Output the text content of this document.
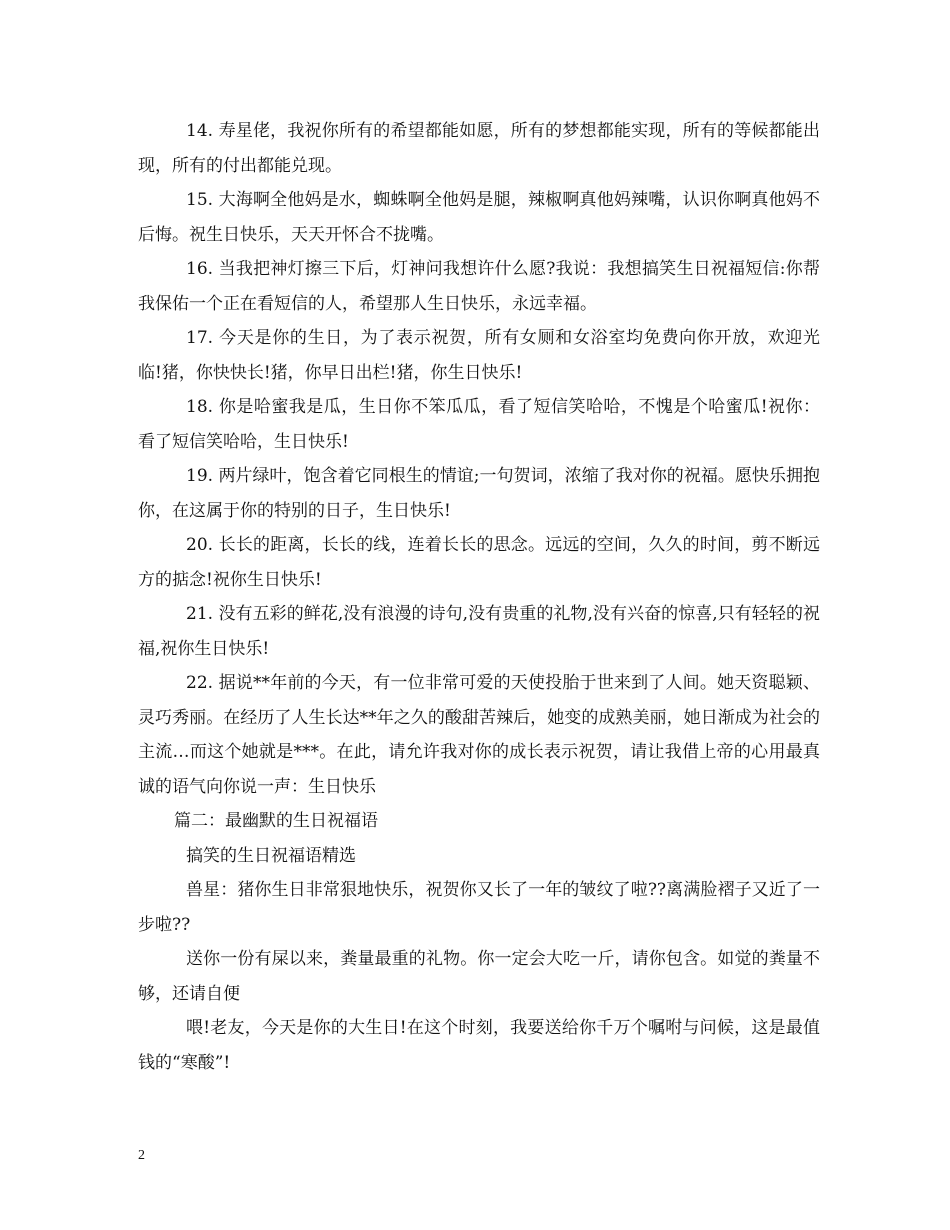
14. 寿星佬，我祝你所有的希望都能如愿，所有的梦想都能实现，所有的等候都能出现，所有的付出都能兑现。

15. 大海啊全他妈是水，蜘蛛啊全他妈是腿，辣椒啊真他妈辣嘴，认识你啊真他妈不后悔。祝生日快乐，天天开怀合不拢嘴。

16. 当我把神灯擦三下后，灯神问我想许什么愿?我说：我想搞笑生日祝福短信:你帮我保佑一个正在看短信的人，希望那人生日快乐，永远幸福。

17. 今天是你的生日，为了表示祝贺，所有女厕和女浴室均免费向你开放，欢迎光临!猪，你快快长!猪，你早日出栏!猪，你生日快乐!

18. 你是哈蜜我是瓜，生日你不笨瓜瓜，看了短信笑哈哈，不愧是个哈蜜瓜!祝你：看了短信笑哈哈，生日快乐!

19. 两片绿叶，饱含着它同根生的情谊;一句贺词，浓缩了我对你的祝福。愿快乐拥抱你，在这属于你的特别的日子，生日快乐!

20. 长长的距离，长长的线，连着长长的思念。远远的空间，久久的时间，剪不断远方的掂念!祝你生日快乐!

21. 没有五彩的鲜花,没有浪漫的诗句,没有贵重的礼物,没有兴奋的惊喜,只有轻轻的祝福,祝你生日快乐!

22. 据说**年前的今天，有一位非常可爱的天使投胎于世来到了人间。她天资聪颖、灵巧秀丽。在经历了人生长达**年之久的酸甜苦辣后，她变的成熟美丽，她日渐成为社会的主流…而这个她就是***。在此，请允许我对你的成长表示祝贺，请让我借上帝的心用最真诚的语气向你说一声：生日快乐

篇二：最幽默的生日祝福语

搞笑的生日祝福语精选

兽星：猪你生日非常狠地快乐，祝贺你又长了一年的皱纹了啦??离满脸褶子又近了一步啦??

送你一份有屎以来，粪量最重的礼物。你一定会大吃一斤，请你包含。如觉的粪量不够，还请自便

喂!老友，今天是你的大生日!在这个时刻，我要送给你千万个嘱咐与问候，这是最值钱的“寒酸”!

2
